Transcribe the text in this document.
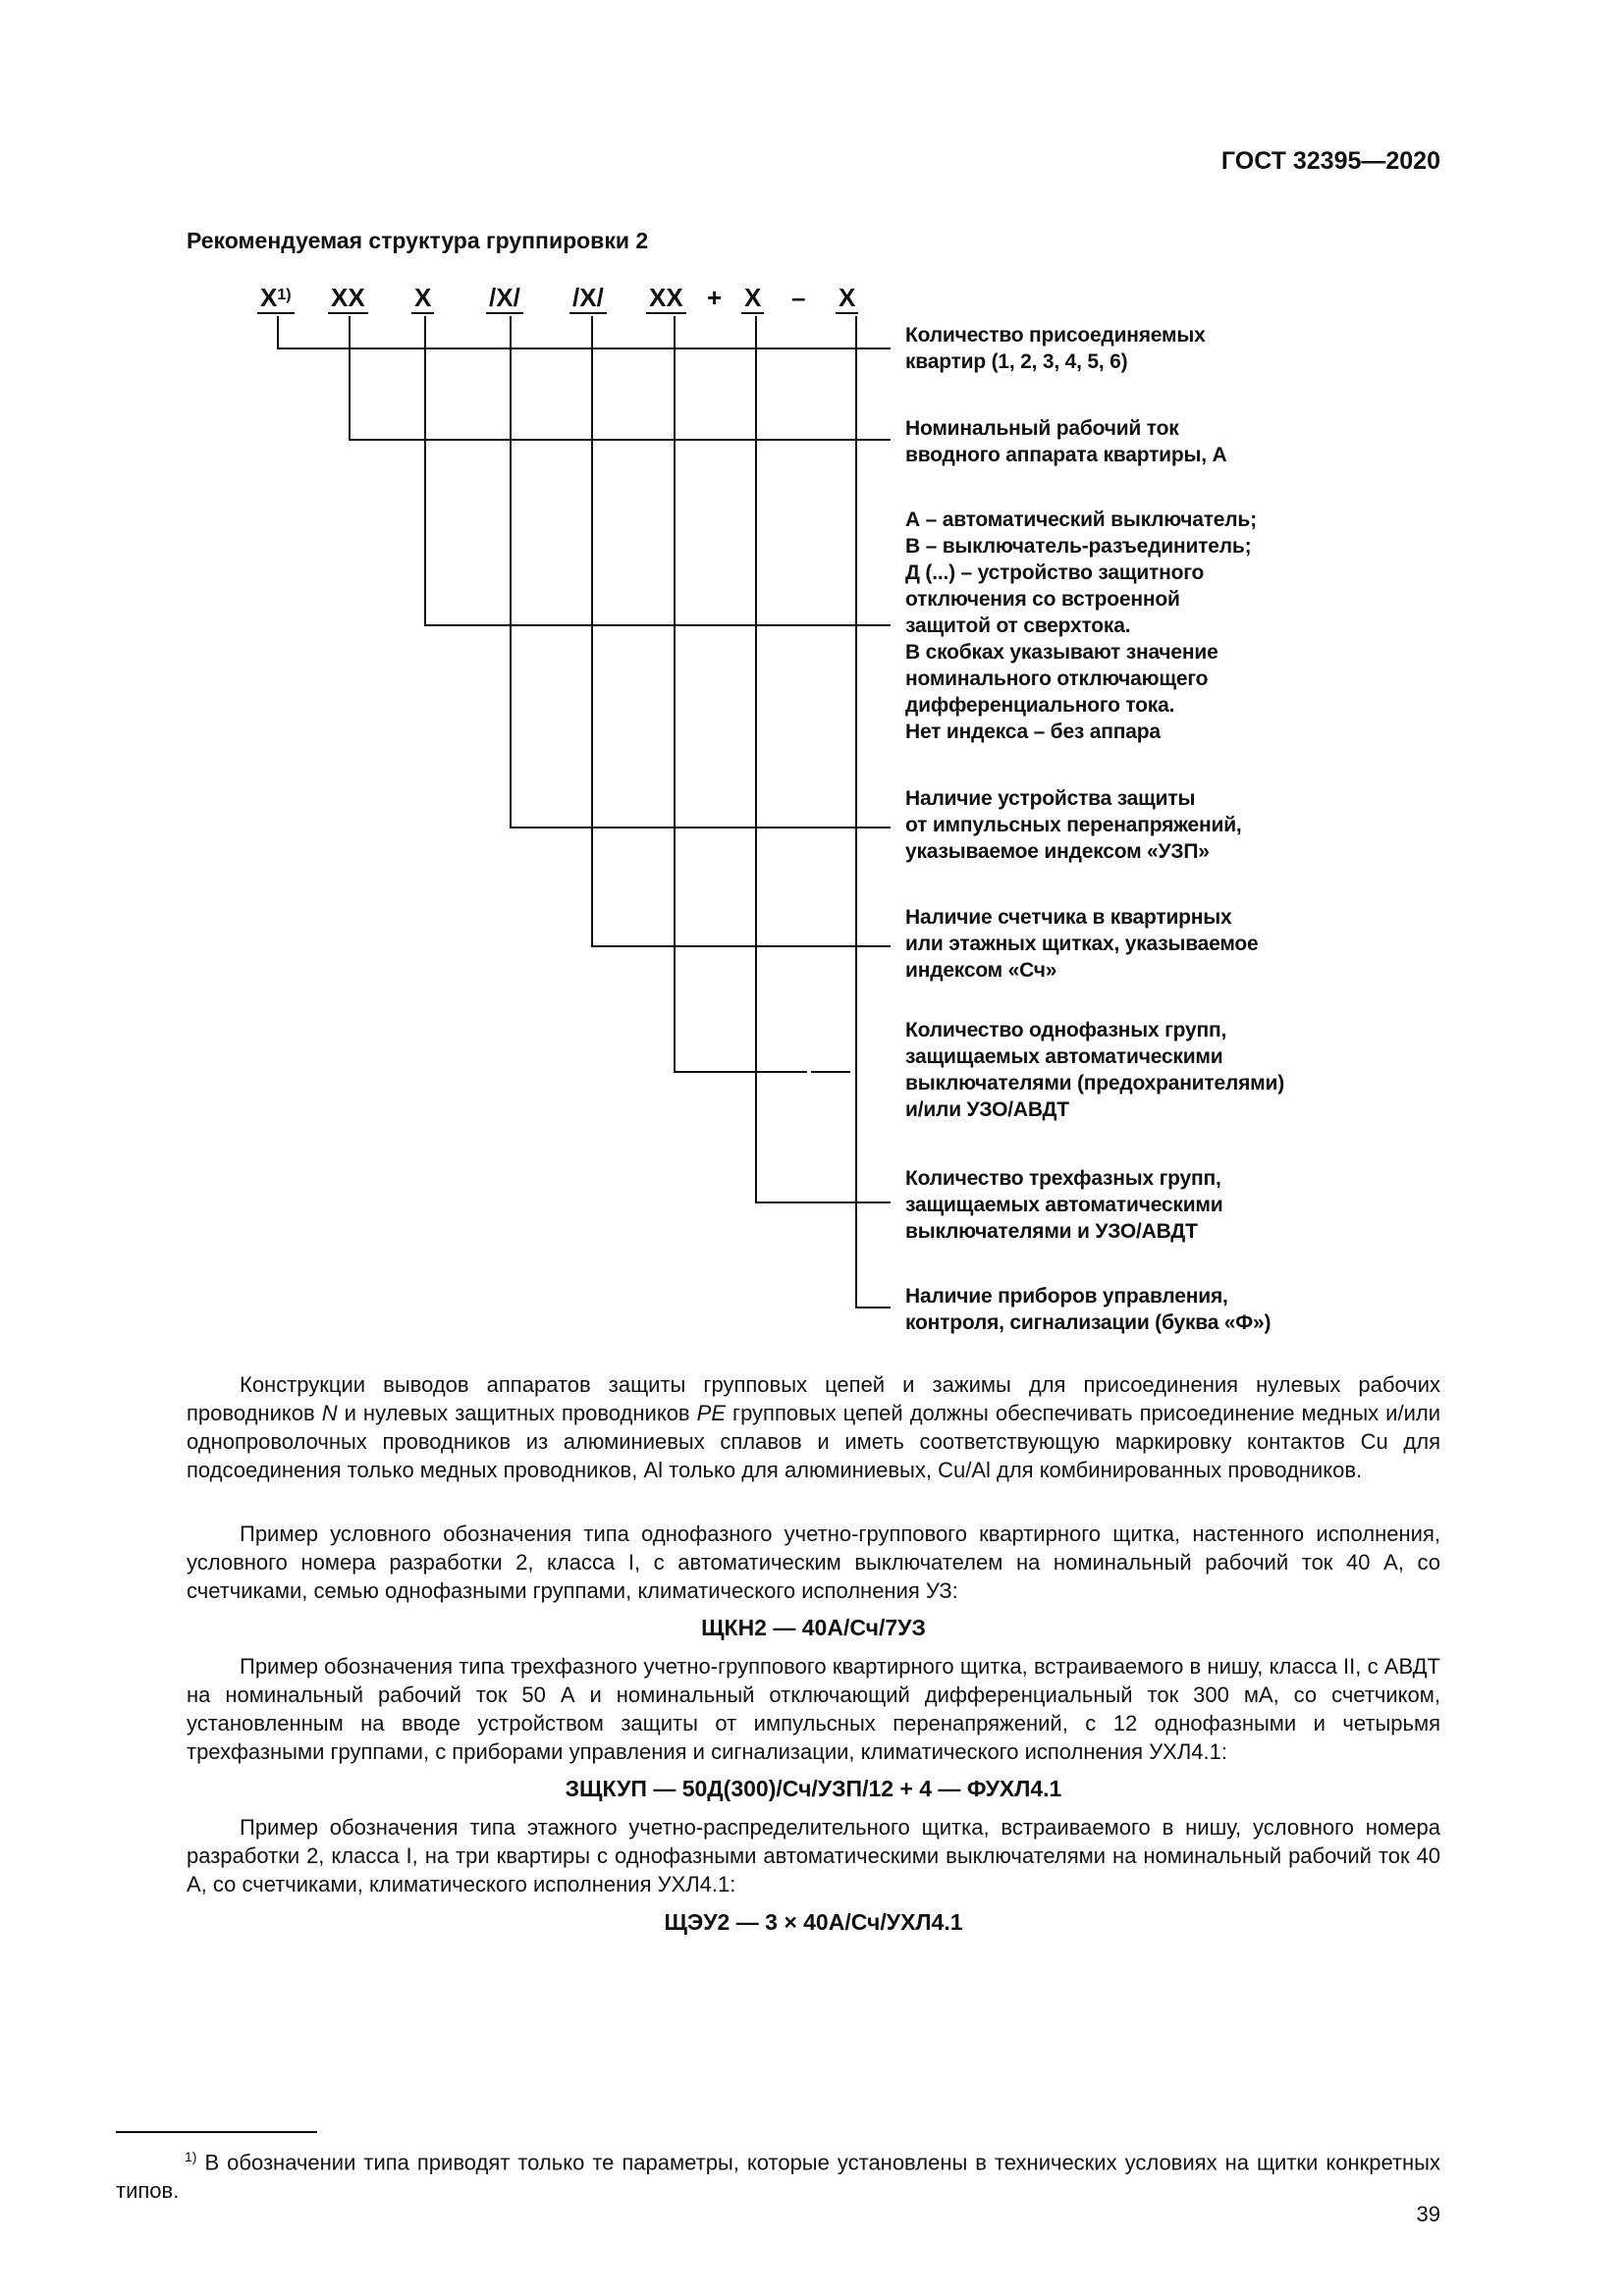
ГОСТ 32395—2020
Рекомендуемая структура группировки 2
$X^{1)}$ XX X /X/ /X/ XX + X – X

Количество присоединяемых
квартир (1, 2, 3, 4, 5, 6)

Номинальный рабочий ток
вводного аппарата квартиры, А

А – автоматический выключатель;
В – выключатель-разъединитель;
Д (...) – устройство защитного
отключения со встроенной
защитой от сверхтока.
В скобках указывают значение
номинального отключающего
дифференциального тока.
Нет индекса – без аппара

Наличие устройства защиты
от импульсных перенапряжений,
указываемое индексом «УЗП»

Наличие счетчика в квартирных
или этажных щитках, указываемое
индексом «Сч»

Количество однофазных групп,
защищаемых автоматическими
выключателями (предохранителями)
и/или УЗО/АВДТ

Количество трехфазных групп,
защищаемых автоматическими
выключателями и УЗО/АВДТ

Наличие приборов управления,
контроля, сигнализации (буква «Ф»)

Конструкции выводов аппаратов защиты групповых цепей и зажимы для присоединения нулевых рабочих проводников N и нулевых защитных проводников PE групповых цепей должны обеспечивать присоединение медных и/или однопроволочных проводников из алюминиевых сплавов и иметь соответствующую маркировку контактов Cu для подсоединения только медных проводников, Al только для алюминиевых, Cu/Al для комбинированных проводников.

Пример условного обозначения типа однофазного учетно-группового квартирного щитка, настенного исполнения, условного номера разработки 2, класса I, с автоматическим выключателем на номинальный рабочий ток 40 А, со счетчиками, семью однофазными группами, климатического исполнения УЗ:

ЩКН2 — 40А/Сч/7УЗ

Пример обозначения типа трехфазного учетно-группового квартирного щитка, встраиваемого в нишу, класса II, с АВДТ на номинальный рабочий ток 50 А и номинальный отключающий дифференциальный ток 300 мА, со счетчиком, установленным на вводе устройством защиты от импульсных перенапряжений, с 12 однофазными и четырьмя трехфазными группами, с приборами управления и сигнализации, климатического исполнения УХЛ4.1:

ЗЩКУП — 50Д(300)/Сч/УЗП/12 + 4 — ФУХЛ4.1

Пример обозначения типа этажного учетно-распределительного щитка, встраиваемого в нишу, условного номера разработки 2, класса I, на три квартиры с однофазными автоматическими выключателями на номинальный рабочий ток 40 А, со счетчиками, климатического исполнения УХЛ4.1:

ЩЭУ2 — 3 × 40А/Сч/УХЛ4.1

$^{1)}$ В обозначении типа приводят только те параметры, которые установлены в технических условиях на щитки конкретных типов.

39
